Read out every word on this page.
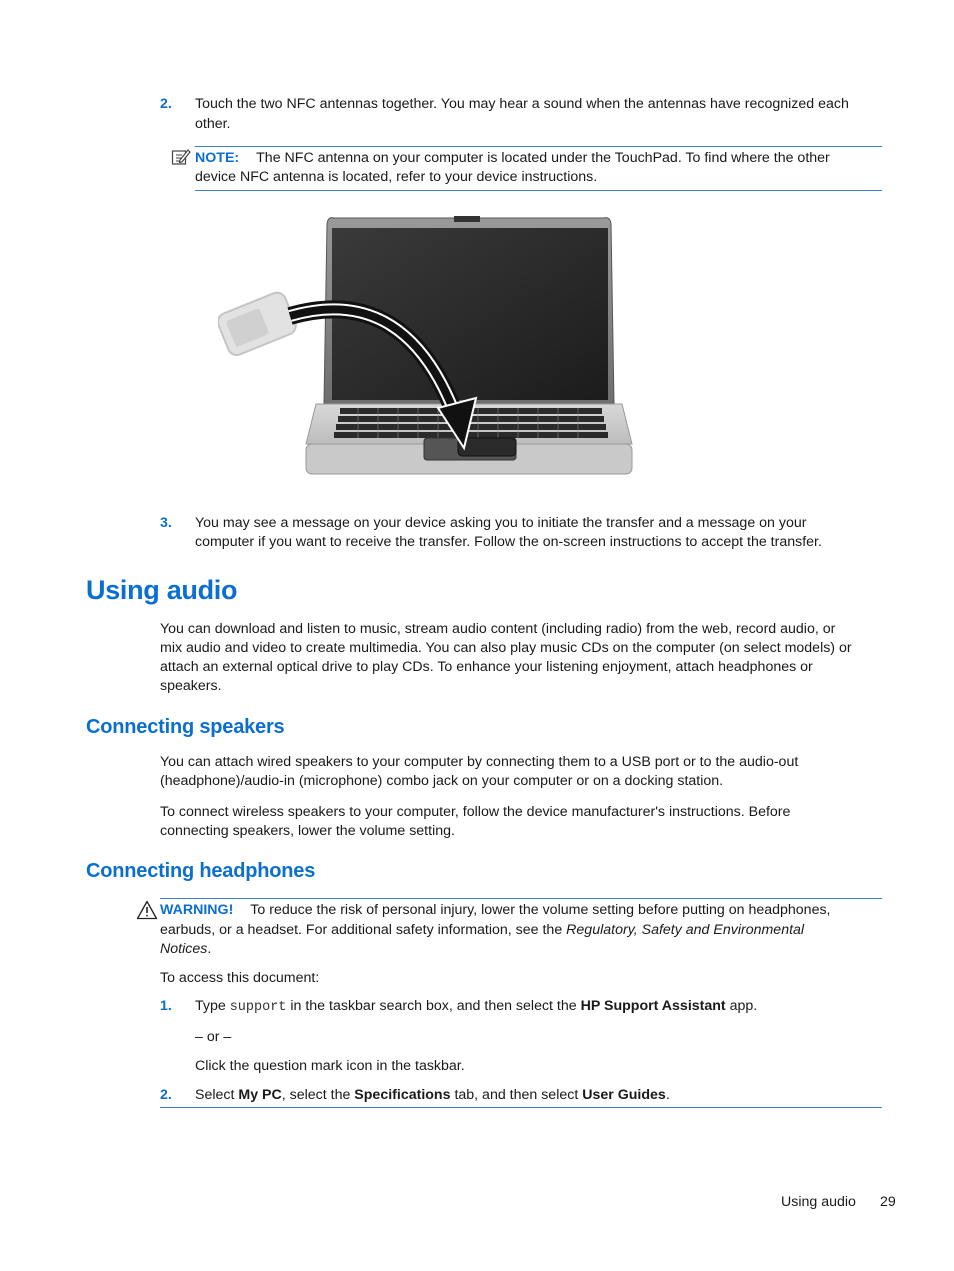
2. Touch the two NFC antennas together. You may hear a sound when the antennas have recognized each
other.
NOTE: The NFC antenna on your computer is located under the TouchPad. To find where the other
device NFC antenna is located, refer to your device instructions.
3. You may see a message on your device asking you to initiate the transfer and a message on your
computer if you want to receive the transfer. Follow the on-screen instructions to accept the transfer.
Using audio
You can download and listen to music, stream audio content (including radio) from the web, record audio, or
mix audio and video to create multimedia. You can also play music CDs on the computer (on select models) or
attach an external optical drive to play CDs. To enhance your listening enjoyment, attach headphones or
speakers.
Connecting speakers
You can attach wired speakers to your computer by connecting them to a USB port or to the audio-out
(headphone)/audio-in (microphone) combo jack on your computer or on a docking station.
To connect wireless speakers to your computer, follow the device manufacturer's instructions. Before
connecting speakers, lower the volume setting.
Connecting headphones
WARNING! To reduce the risk of personal injury, lower the volume setting before putting on headphones,
earbuds, or a headset. For additional safety information, see the Regulatory, Safety and Environmental
Notices.
To access this document:
1. Type support in the taskbar search box, and then select the HP Support Assistant app.
– or –
Click the question mark icon in the taskbar.
2. Select My PC, select the Specifications tab, and then select User Guides.
Using audio 29
